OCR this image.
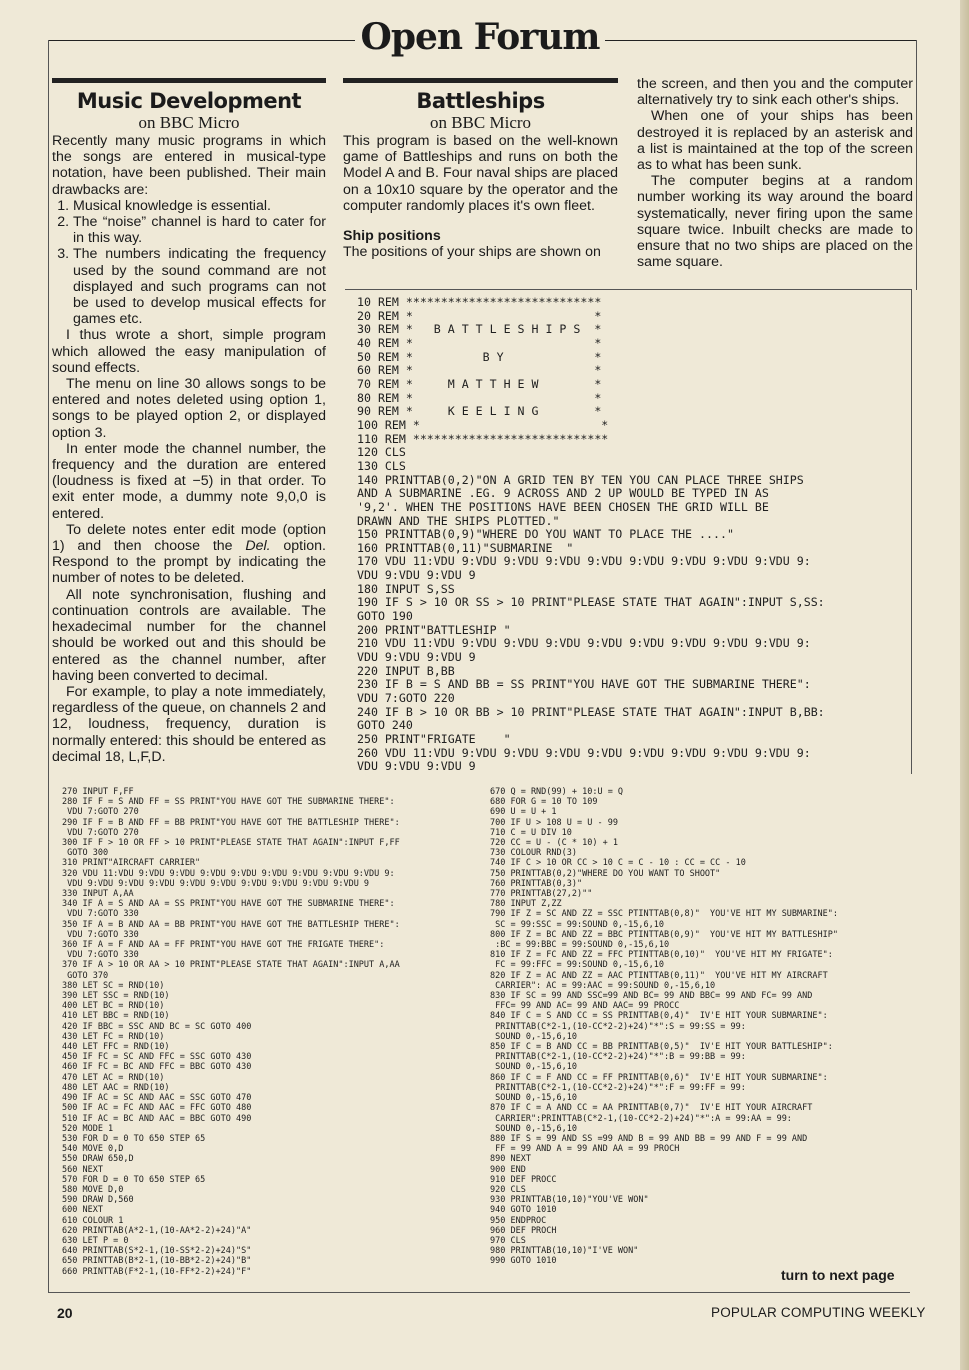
Open Forum
Music Development
on BBC Micro

Recently many music programs in which the songs are entered in musical-type notation, have been published. Their main drawbacks are:

1. Musical knowledge is essential.
2. The “noise” channel is hard to cater for in this way.
3. The numbers indicating the frequency used by the sound command are not displayed and such programs can not be used to develop musical effects for games etc.

I thus wrote a short, simple program which allowed the easy manipulation of sound effects.

The menu on line 30 allows songs to be entered and notes deleted using option 1, songs to be played option 2, or displayed option 3.

In enter mode the channel number, the frequency and the duration are entered (loudness is fixed at −5) in that order. To exit enter mode, a dummy note 9,0,0 is entered.

To delete notes enter edit mode (option 1) and then choose the Del. option. Respond to the prompt by indicating the number of notes to be deleted.

All note synchronisation, flushing and continuation controls are available. The hexadecimal number for the channel should be worked out and this should be entered as the channel number, after having been converted to decimal.

For example, to play a note immediately, regardless of the queue, on channels 2 and 12, loudness, frequency, duration is normally entered: this should be entered as decimal 18, L,F,D.

Battleships
on BBC Micro

This program is based on the well-known game of Battleships and runs on both the Model A and B. Four naval ships are placed on a 10x10 square by the operator and the computer randomly places it's own fleet.

Ship positions

The positions of your ships are shown on

the screen, and then you and the computer alternatively try to sink each other's ships.

When one of your ships has been destroyed it is replaced by an asterisk and a list is maintained at the top of the screen as to what has been sunk.

The computer begins at a random number working its way around the board systematically, never firing upon the same square twice. Inbuilt checks are made to ensure that no two ships are placed on the same square.

10 REM ****************************
20 REM *                          *
30 REM *   B A T T L E S H I P S  *
40 REM *                          *
50 REM *          B Y             *
60 REM *                          *
70 REM *     M A T T H E W        *
80 REM *                          *
90 REM *     K E E L I N G        *
100 REM *                          *
110 REM ****************************
120 CLS
130 CLS
140 PRINTTAB(0,2)"ON A GRID TEN BY TEN YOU CAN PLACE THREE SHIPS
AND A SUBMARINE .EG. 9 ACROSS AND 2 UP WOULD BE TYPED IN AS
'9,2'. WHEN THE POSITIONS HAVE BEEN CHOSEN THE GRID WILL BE
DRAWN AND THE SHIPS PLOTTED."
150 PRINTTAB(0,9)"WHERE DO YOU WANT TO PLACE THE ...."
160 PRINTTAB(0,11)"SUBMARINE  "
170 VDU 11:VDU 9:VDU 9:VDU 9:VDU 9:VDU 9:VDU 9:VDU 9:VDU 9:VDU 9:
VDU 9:VDU 9:VDU 9
180 INPUT S,SS
190 IF S > 10 OR SS > 10 PRINT"PLEASE STATE THAT AGAIN":INPUT S,SS:
GOTO 190
200 PRINT"BATTLESHIP "
210 VDU 11:VDU 9:VDU 9:VDU 9:VDU 9:VDU 9:VDU 9:VDU 9:VDU 9:VDU 9:
VDU 9:VDU 9:VDU 9
220 INPUT B,BB
230 IF B = S AND BB = SS PRINT"YOU HAVE GOT THE SUBMARINE THERE":
VDU 7:GOTO 220
240 IF B > 10 OR BB > 10 PRINT"PLEASE STATE THAT AGAIN":INPUT B,BB:
GOTO 240
250 PRINT"FRIGATE    "
260 VDU 11:VDU 9:VDU 9:VDU 9:VDU 9:VDU 9:VDU 9:VDU 9:VDU 9:VDU 9:
VDU 9:VDU 9:VDU 9
270 INPUT F,FF
280 IF F = S AND FF = SS PRINT"YOU HAVE GOT THE SUBMARINE THERE":
VDU 7:GOTO 270
290 IF F = B AND FF = BB PRINT"YOU HAVE GOT THE BATTLESHIP THERE":
VDU 7:GOTO 270
300 IF F > 10 OR FF > 10 PRINT"PLEASE STATE THAT AGAIN":INPUT F,FF
GOTO 300
310 PRINT"AIRCRAFT CARRIER"
320 VDU 11:VDU 9:VDU 9:VDU 9:VDU 9:VDU 9:VDU 9:VDU 9:VDU 9:VDU 9:
VDU 9:VDU 9:VDU 9:VDU 9:VDU 9:VDU 9:VDU 9:VDU 9:VDU 9:VDU 9
330 INPUT A,AA
340 IF A = S AND AA = SS PRINT"YOU HAVE GOT THE SUBMARINE THERE":
VDU 7:GOTO 330
350 IF A = B AND AA = BB PRINT"YOU HAVE GOT THE BATTLESHIP THERE":
VDU 7:GOTO 330
360 IF A = F AND AA = FF PRINT"YOU HAVE GOT THE FRIGATE THERE":
VDU 7:GOTO 330
370 IF A > 10 OR AA > 10 PRINT"PLEASE STATE THAT AGAIN":INPUT A,AA
GOTO 370
380 LET SC = RND(10)
390 LET SSC = RND(10)
400 LET BC = RND(10)
410 LET BBC = RND(10)
420 IF BBC = SSC AND BC = SC GOTO 400
430 LET FC = RND(10)
440 LET FFC = RND(10)
450 IF FC = SC AND FFC = SSC GOTO 430
460 IF FC = BC AND FFC = BBC GOTO 430
470 LET AC = RND(10)
480 LET AAC = RND(10)
490 IF AC = SC AND AAC = SSC GOTO 470
500 IF AC = FC AND AAC = FFC GOTO 480
510 IF AC = BC AND AAC = BBC GOTO 490
520 MODE 1
530 FOR D = 0 TO 650 STEP 65
540 MOVE 0,D
550 DRAW 650,D
560 NEXT
570 FOR D = 0 TO 650 STEP 65
580 MOVE D,0
590 DRAW D,560
600 NEXT
610 COLOUR 1
620 PRINTTAB(A*2-1,(10-AA*2-2)+24)"A"
630 LET P = 0
640 PRINTTAB(S*2-1,(10-SS*2-2)+24)"S"
650 PRINTTAB(B*2-1,(10-BB*2-2)+24)"B"
660 PRINTTAB(F*2-1,(10-FF*2-2)+24)"F"
670 Q = RND(99) + 10:U = Q
680 FOR G = 10 TO 109
690 U = U + 1
700 IF U > 108 U = U - 99
710 C = U DIV 10
720 CC = U - (C * 10) + 1
730 COLOUR RND(3)
740 IF C > 10 OR CC > 10 C = C - 10 : CC = CC - 10
750 PRINTTAB(0,2)"WHERE DO YOU WANT TO SHOOT"
760 PRINTTAB(0,3)"
770 PRINTTAB(27,2)""
780 INPUT Z,ZZ
790 IF Z = SC AND ZZ = SSC PTINTTAB(0,8)"  YOU'VE HIT MY SUBMARINE":
SC = 99:SSC = 99:SOUND 0,-15,6,10
800 IF Z = BC AND ZZ = BBC PTINTTAB(0,9)"  YOU'VE HIT MY BATTLESHIP"
:BC = 99:BBC = 99:SOUND 0,-15,6,10
810 IF Z = FC AND ZZ = FFC PTINTTAB(0,10)"  YOU'VE HIT MY FRIGATE":
FC = 99:FFC = 99:SOUND 0,-15,6,10
820 IF Z = AC AND ZZ = AAC PTINTTAB(0,11)"  YOU'VE HIT MY AIRCRAFT
CARRIER": AC = 99:AAC = 99:SOUND 0,-15,6,10
830 IF SC = 99 AND SSC=99 AND BC= 99 AND BBC= 99 AND FC= 99 AND
FFC= 99 AND AC= 99 AND AAC= 99 PROCC
840 IF C = S AND CC = SS PRINTTAB(0,4)"  IV'E HIT YOUR SUBMARINE":
PRINTTAB(C*2-1,(10-CC*2-2)+24)"*":S = 99:SS = 99:
SOUND 0,-15,6,10
850 IF C = B AND CC = BB PRINTTAB(0,5)"  IV'E HIT YOUR BATTLESHIP":
PRINTTAB(C*2-1,(10-CC*2-2)+24)"*":B = 99:BB = 99:
SOUND 0,-15,6,10
860 IF C = F AND CC = FF PRINTTAB(0,6)"  IV'E HIT YOUR SUBMARINE":
PRINTTAB(C*2-1,(10-CC*2-2)+24)"*":F = 99:FF = 99:
SOUND 0,-15,6,10
870 IF C = A AND CC = AA PRINTTAB(0,7)"  IV'E HIT YOUR AIRCRAFT
CARRIER":PRINTTAB(C*2-1,(10-CC*2-2)+24)"*":A = 99:AA = 99:
SOUND 0,-15,6,10
880 IF S = 99 AND SS =99 AND B = 99 AND BB = 99 AND F = 99 AND
FF = 99 AND A = 99 AND AA = 99 PROCH
890 NEXT
900 END
910 DEF PROCC
920 CLS
930 PRINTTAB(10,10)"YOU'VE WON"
940 GOTO 1010
950 ENDPROC
960 DEF PROCH
970 CLS
980 PRINTTAB(10,10)"I'VE WON"
990 GOTO 1010
turn to next page
20	POPULAR COMPUTING WEEKLY
